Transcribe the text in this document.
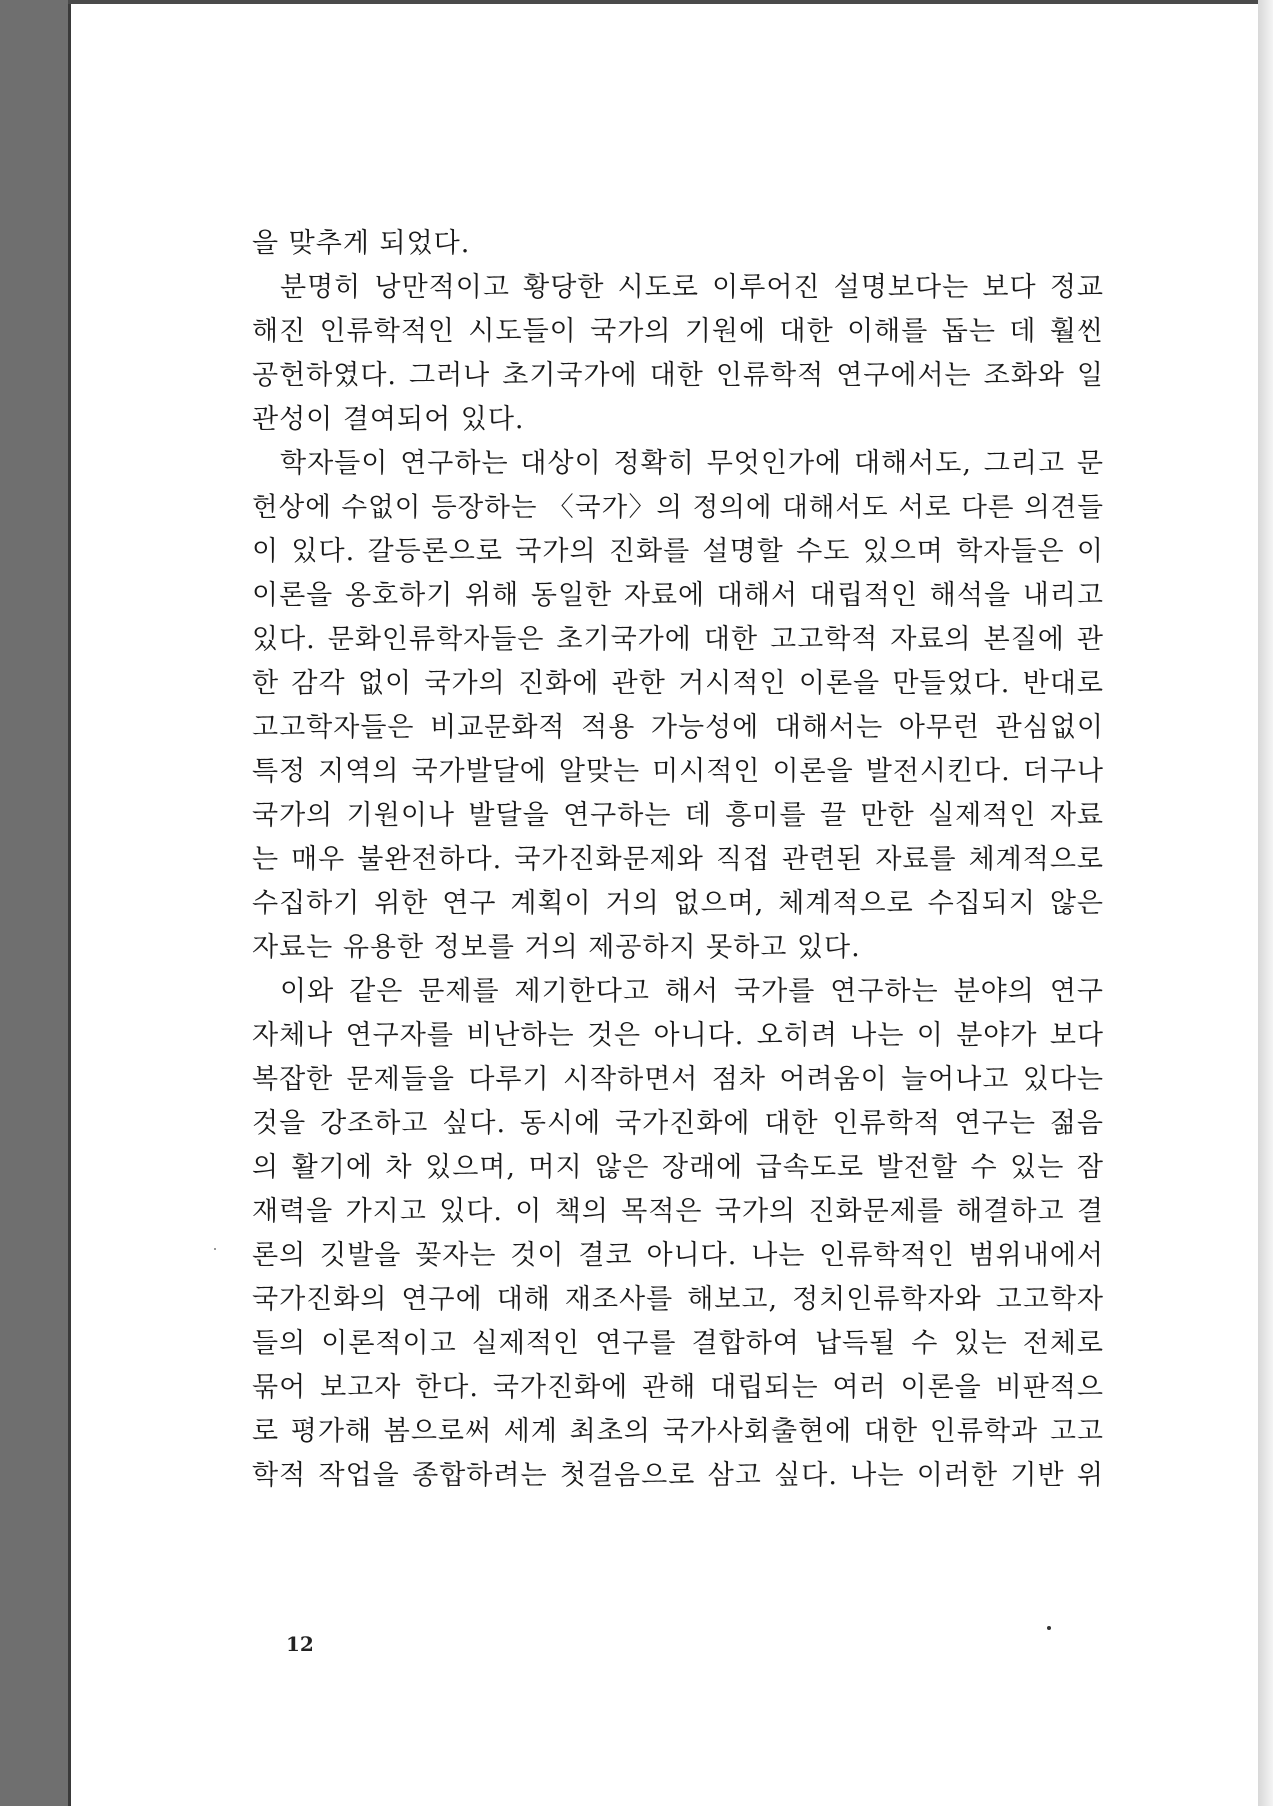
을 맞추게 되었다.
분명히 낭만적이고 황당한 시도로 이루어진 설명보다는 보다 정교
해진 인류학적인 시도들이 국가의 기원에 대한 이해를 돕는 데 훨씬
공헌하였다. 그러나 초기국가에 대한 인류학적 연구에서는 조화와 일
관성이 결여되어 있다.
학자들이 연구하는 대상이 정확히 무엇인가에 대해서도, 그리고 문
헌상에 수없이 등장하는 〈국가〉의 정의에 대해서도 서로 다른 의견들
이 있다. 갈등론으로 국가의 진화를 설명할 수도 있으며 학자들은 이
이론을 옹호하기 위해 동일한 자료에 대해서 대립적인 해석을 내리고
있다. 문화인류학자들은 초기국가에 대한 고고학적 자료의 본질에 관
한 감각 없이 국가의 진화에 관한 거시적인 이론을 만들었다. 반대로
고고학자들은 비교문화적 적용 가능성에 대해서는 아무런 관심없이
특정 지역의 국가발달에 알맞는 미시적인 이론을 발전시킨다. 더구나
국가의 기원이나 발달을 연구하는 데 흥미를 끌 만한 실제적인 자료
는 매우 불완전하다. 국가진화문제와 직접 관련된 자료를 체계적으로
수집하기 위한 연구 계획이 거의 없으며, 체계적으로 수집되지 않은
자료는 유용한 정보를 거의 제공하지 못하고 있다.
이와 같은 문제를 제기한다고 해서 국가를 연구하는 분야의 연구
자체나 연구자를 비난하는 것은 아니다. 오히려 나는 이 분야가 보다
복잡한 문제들을 다루기 시작하면서 점차 어려움이 늘어나고 있다는
것을 강조하고 싶다. 동시에 국가진화에 대한 인류학적 연구는 젊음
의 활기에 차 있으며, 머지 않은 장래에 급속도로 발전할 수 있는 잠
재력을 가지고 있다. 이 책의 목적은 국가의 진화문제를 해결하고 결
론의 깃발을 꽂자는 것이 결코 아니다. 나는 인류학적인 범위내에서
국가진화의 연구에 대해 재조사를 해보고, 정치인류학자와 고고학자
들의 이론적이고 실제적인 연구를 결합하여 납득될 수 있는 전체로
묶어 보고자 한다. 국가진화에 관해 대립되는 여러 이론을 비판적으
로 평가해 봄으로써 세계 최초의 국가사회출현에 대한 인류학과 고고
학적 작업을 종합하려는 첫걸음으로 삼고 싶다. 나는 이러한 기반 위
12
